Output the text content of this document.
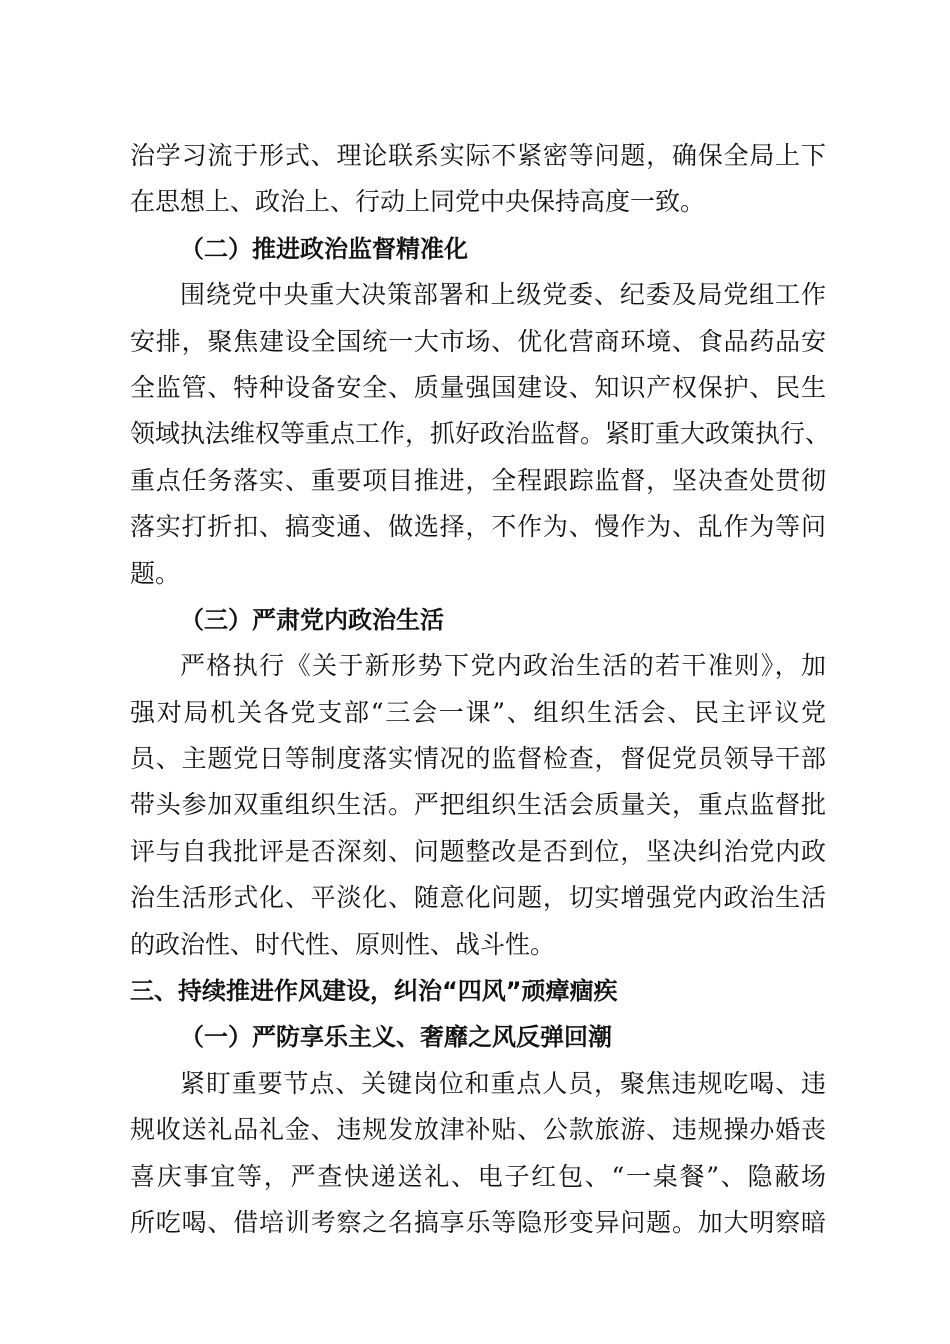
治学习流于形式、理论联系实际不紧密等问题，确保全局上下
在思想上、政治上、行动上同党中央保持高度一致。
（二）推进政治监督精准化
围绕党中央重大决策部署和上级党委、纪委及局党组工作
安排，聚焦建设全国统一大市场、优化营商环境、食品药品安
全监管、特种设备安全、质量强国建设、知识产权保护、民生
领域执法维权等重点工作，抓好政治监督。紧盯重大政策执行、
重点任务落实、重要项目推进，全程跟踪监督，坚决查处贯彻
落实打折扣、搞变通、做选择，不作为、慢作为、乱作为等问
题。
（三）严肃党内政治生活
严格执行《关于新形势下党内政治生活的若干准则》，加
强对局机关各党支部“三会一课”、组织生活会、民主评议党
员、主题党日等制度落实情况的监督检查，督促党员领导干部
带头参加双重组织生活。严把组织生活会质量关，重点监督批
评与自我批评是否深刻、问题整改是否到位，坚决纠治党内政
治生活形式化、平淡化、随意化问题，切实增强党内政治生活
的政治性、时代性、原则性、战斗性。
三、持续推进作风建设，纠治“四风”顽瘴痼疾
（一）严防享乐主义、奢靡之风反弹回潮
紧盯重要节点、关键岗位和重点人员，聚焦违规吃喝、违
规收送礼品礼金、违规发放津补贴、公款旅游、违规操办婚丧
喜庆事宜等，严查快递送礼、电子红包、“一桌餐”、隐蔽场
所吃喝、借培训考察之名搞享乐等隐形变异问题。加大明察暗
